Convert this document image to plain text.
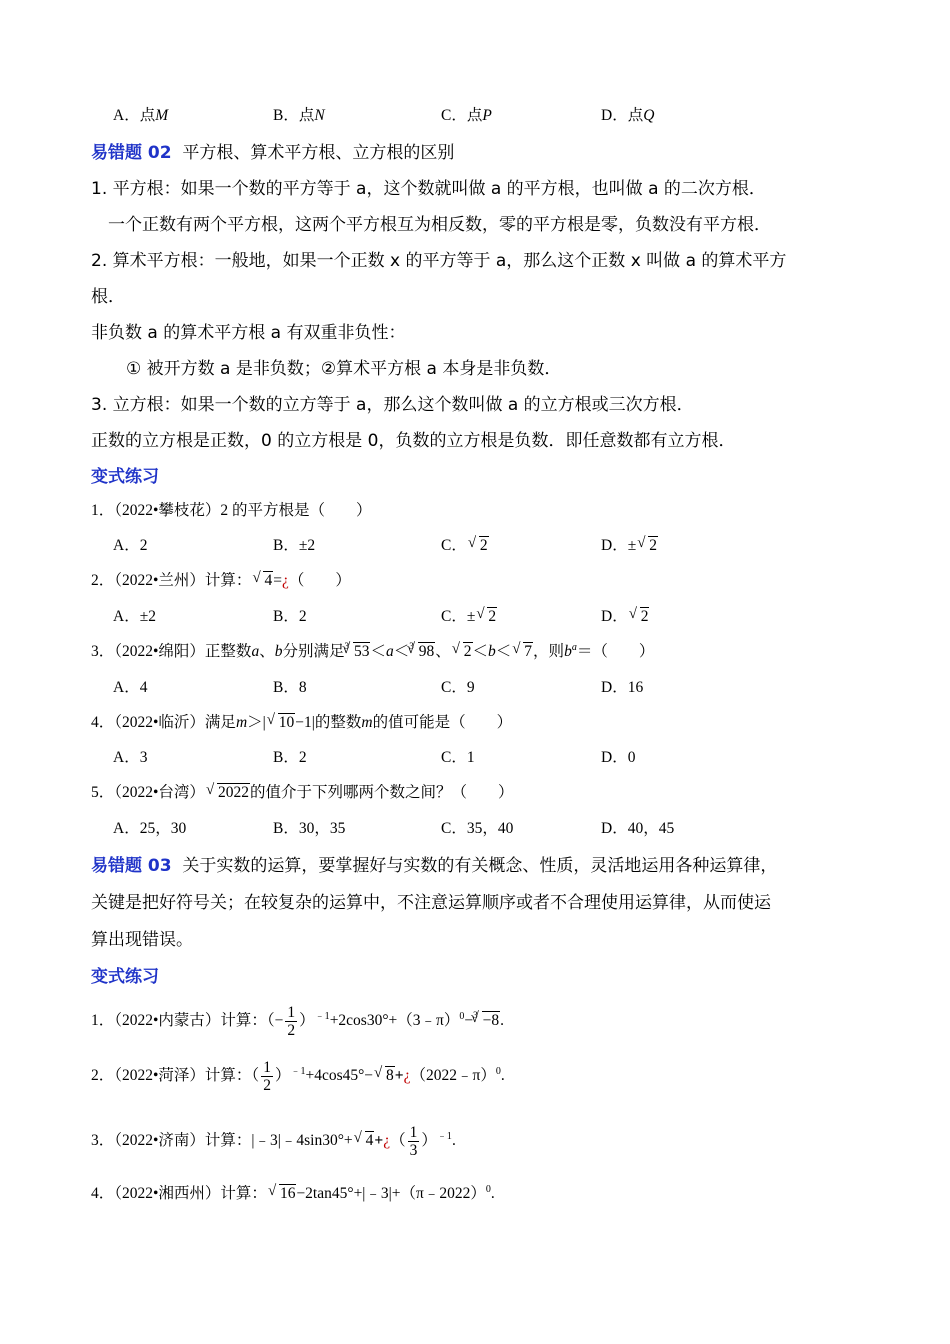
A．点M	B．点N	C．点P	D．点Q
易错题 02 平方根、算术平方根、立方根的区别
1. 平方根：如果一个数的平方等于 a，这个数就叫做 a 的平方根，也叫做 a 的二次方根．
一个正数有两个平方根，这两个平方根互为相反数，零的平方根是零，负数没有平方根．
2. 算术平方根：一般地，如果一个正数 x 的平方等于 a，那么这个正数 x 叫做 a 的算术平方
根．
非负数 a 的算术平方根 a 有双重非负性：
① 被开方数 a 是非负数；②算术平方根 a 本身是非负数．
3. 立方根：如果一个数的立方等于 a，那么这个数叫做 a 的立方根或三次方根．
正数的立方根是正数，0 的立方根是 0，负数的立方根是负数．即任意数都有立方根．
变式练习
1．（2022•攀枝花）2 的平方根是（　　）
A．2	B．±2	C． √ 2	D．± √ 2
2．（2022•兰州）计算： √ 4=¿（　　）
A．±2	B．2	C．± √ 2	D． √ 2
3．（2022•绵阳）正整数a、b分别满足$^3$ √ 53＜a＜$^3$ √ 98、 √ 2＜b＜ √ 7，则$b^a=$（　　）
A．4	B．8	C．9	D．16
4．（2022•临沂）满足m＞| √ 10−1|的整数m的值可能是（　　）
A．3	B．2	C．1	D．0
5．（2022•台湾） √ 2022的值介于下列哪两个数之间？（　　）
A．25，30	B．30，35	C．35，40	D．40，45
易错题 03 关于实数的运算，要掌握好与实数的有关概念、性质，灵活地运用各种运算律，
关键是把好符号关；在较复杂的运算中，不注意运算顺序或者不合理使用运算律，从而使运
算出现错误。
变式练习
1．（2022•内蒙古）计算：（− $\frac{1}{2}$ ）$^{﹣1}$+2cos30°+（3﹣π）$^0$−$^3$ √ −8.
2．（2022•菏泽）计算：（ $\frac{1}{2} )^{﹣1}+4\cos 45^\circ-$ √ 8+¿（2022﹣π）$^0$.
3．（2022•济南）计算：|﹣3|﹣4sin30°+ √ 4+¿（ $\frac{1}{3} )^{﹣1}$.
4．（2022•湘西州）计算： √ 16−2tan45°+|﹣3|+（π﹣2022）$^0$.
